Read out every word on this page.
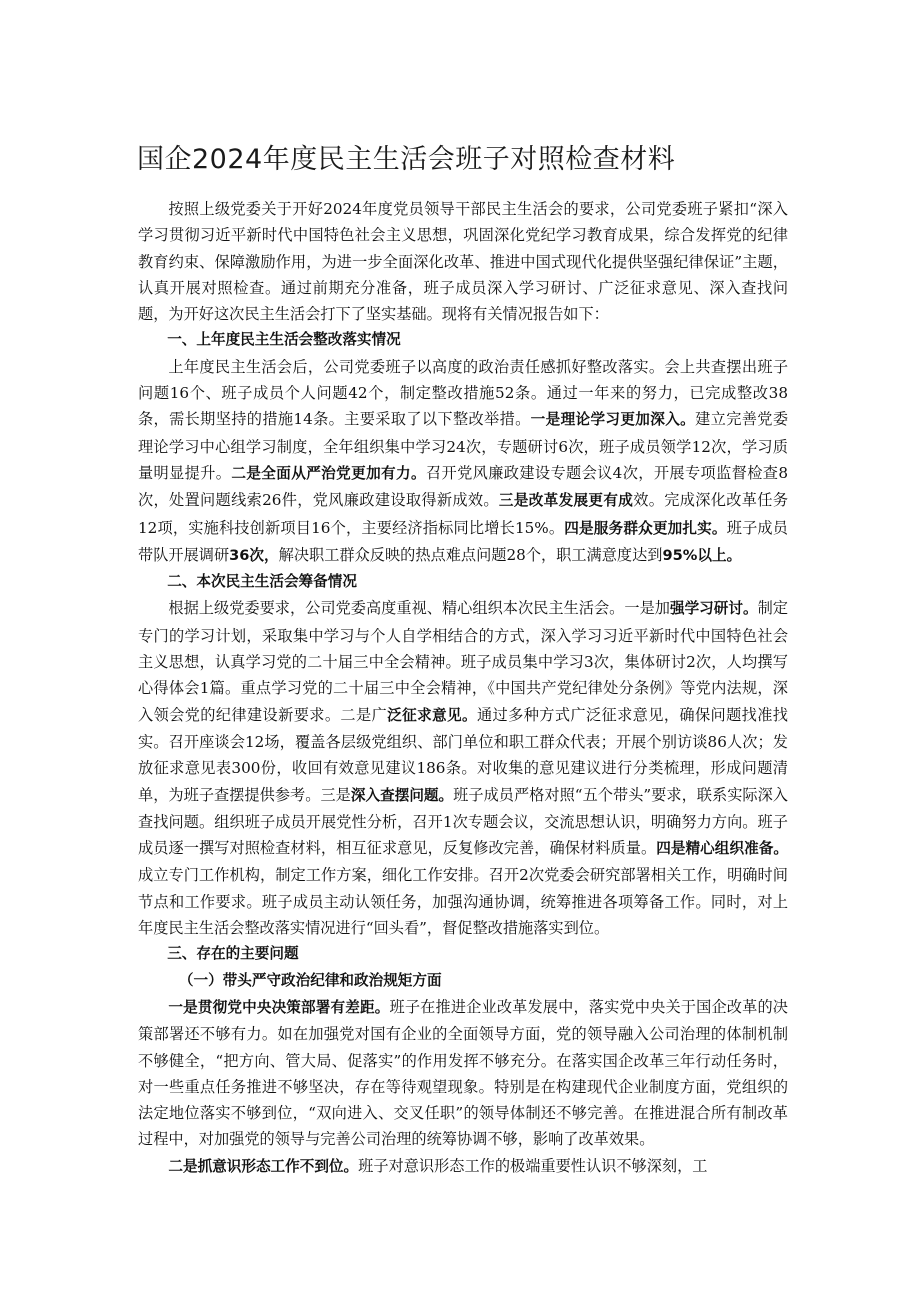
国企2024年度民主生活会班子对照检查材料

按照上级党委关于开好2024年度党员领导干部民主生活会的要求，公司党委班子紧扣“深入学习贯彻习近平新时代中国特色社会主义思想，巩固深化党纪学习教育成果，综合发挥党的纪律教育约束、保障激励作用，为进一步全面深化改革、推进中国式现代化提供坚强纪律保证”主题，认真开展对照检查。通过前期充分准备，班子成员深入学习研讨、广泛征求意见、深入查找问题，为开好这次民主生活会打下了坚实基础。现将有关情况报告如下：

一、上年度民主生活会整改落实情况

上年度民主生活会后，公司党委班子以高度的政治责任感抓好整改落实。会上共查摆出班子问题16个、班子成员个人问题42个，制定整改措施52条。通过一年来的努力，已完成整改38条，需长期坚持的措施14条。主要采取了以下整改举措。一是理论学习更加深入。建立完善党委理论学习中心组学习制度，全年组织集中学习24次，专题研讨6次，班子成员领学12次，学习质量明显提升。二是全面从严治党更加有力。召开党风廉政建设专题会议4次，开展专项监督检查8次，处置问题线索26件，党风廉政建设取得新成效。三是改革发展更有成效。完成深化改革任务12项，实施科技创新项目16个，主要经济指标同比增长15%。四是服务群众更加扎实。班子成员带队开展调研36次，解决职工群众反映的热点难点问题28个，职工满意度达到95%以上。

二、本次民主生活会筹备情况

根据上级党委要求，公司党委高度重视、精心组织本次民主生活会。一是加强学习研讨。制定专门的学习计划，采取集中学习与个人自学相结合的方式，深入学习习近平新时代中国特色社会主义思想，认真学习党的二十届三中全会精神。班子成员集中学习3次，集体研讨2次，人均撰写心得体会1篇。重点学习党的二十届三中全会精神，《中国共产党纪律处分条例》等党内法规，深入领会党的纪律建设新要求。二是广泛征求意见。通过多种方式广泛征求意见，确保问题找准找实。召开座谈会12场，覆盖各层级党组织、部门单位和职工群众代表；开展个别访谈86人次；发放征求意见表300份，收回有效意见建议186条。对收集的意见建议进行分类梳理，形成问题清单，为班子查摆提供参考。三是深入查摆问题。班子成员严格对照“五个带头”要求，联系实际深入查找问题。组织班子成员开展党性分析，召开1次专题会议，交流思想认识，明确努力方向。班子成员逐一撰写对照检查材料，相互征求意见，反复修改完善，确保材料质量。四是精心组织准备。成立专门工作机构，制定工作方案，细化工作安排。召开2次党委会研究部署相关工作，明确时间节点和工作要求。班子成员主动认领任务，加强沟通协调，统筹推进各项筹备工作。同时，对上年度民主生活会整改落实情况进行“回头看”，督促整改措施落实到位。

三、存在的主要问题

（一）带头严守政治纪律和政治规矩方面

一是贯彻党中央决策部署有差距。班子在推进企业改革发展中，落实党中央关于国企改革的决策部署还不够有力。如在加强党对国有企业的全面领导方面，党的领导融入公司治理的体制机制不够健全，“把方向、管大局、促落实”的作用发挥不够充分。在落实国企改革三年行动任务时，对一些重点任务推进不够坚决，存在等待观望现象。特别是在构建现代企业制度方面，党组织的法定地位落实不够到位，“双向进入、交叉任职”的领导体制还不够完善。在推进混合所有制改革过程中，对加强党的领导与完善公司治理的统筹协调不够，影响了改革效果。

二是抓意识形态工作不到位。班子对意识形态工作的极端重要性认识不够深刻，工
